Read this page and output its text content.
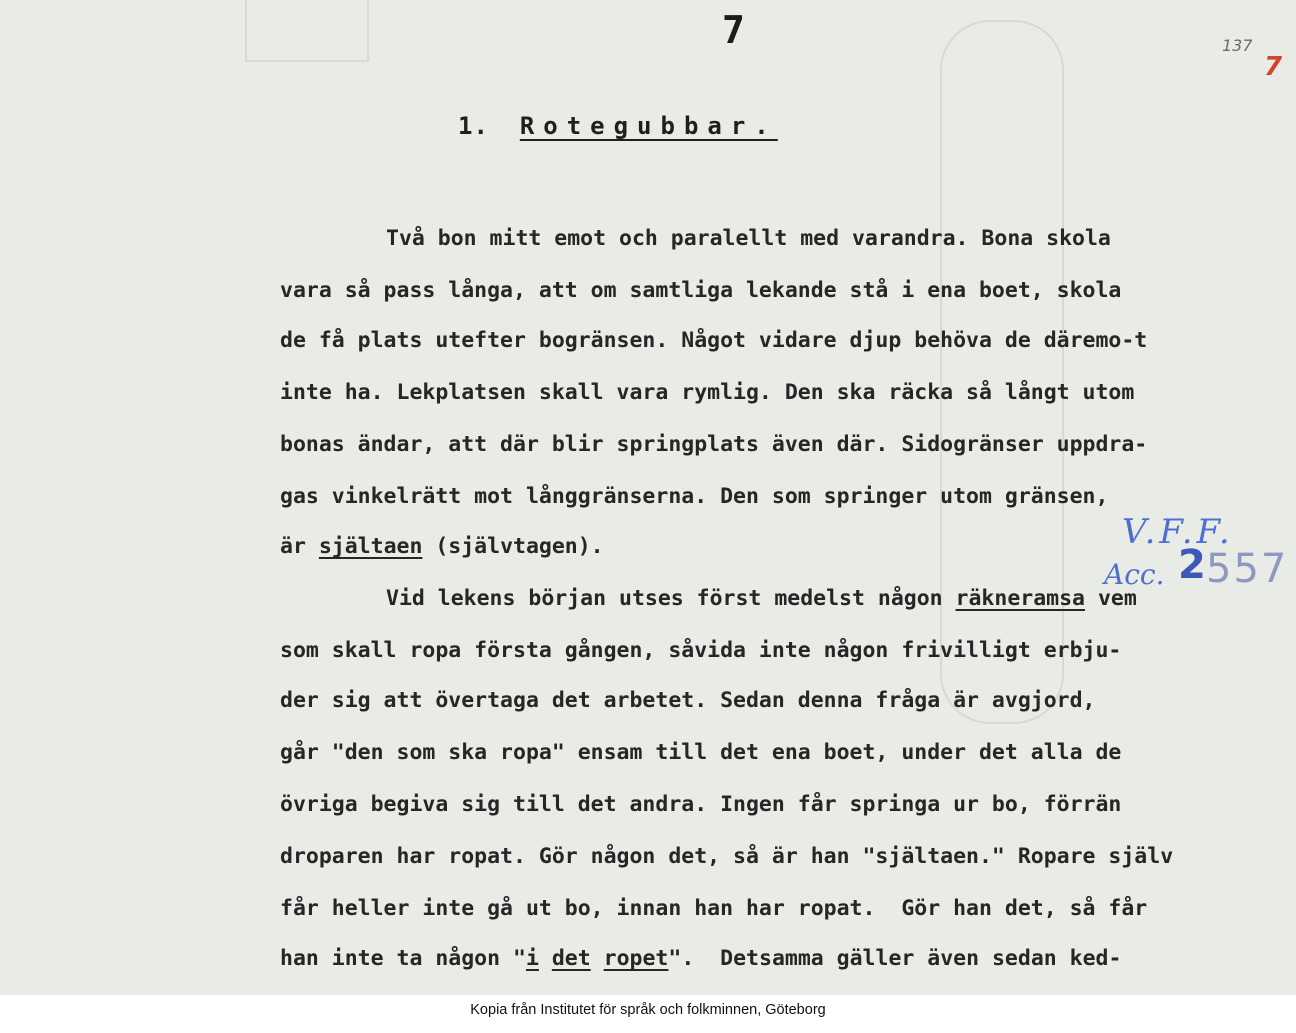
7	137
7
1. Rotegubbar.
Två bon mitt emot och paralellt med varandra. Bona skola
vara så pass långa, att om samtliga lekande stå i ena boet, skola
de få plats utefter bogränsen. Något vidare djup behöva de däremo-t
inte ha. Lekplatsen skall vara rymlig. Den ska räcka så långt utom
bonas ändar, att där blir springplats även där. Sidogränser uppdra-
gas vinkelrätt mot långgränserna. Den som springer utom gränsen,
är själtaen (självtagen).
Vid lekens början utses först medelst någon räkneramsa vem
som skall ropa första gången, såvida inte någon frivilligt erbju-
der sig att övertaga det arbetet. Sedan denna fråga är avgjord,
går "den som ska ropa" ensam till det ena boet, under det alla de
övriga begiva sig till det andra. Ingen får springa ur bo, förrän
droparen har ropat. Gör någon det, så är han "själtaen." Ropare själv
får heller inte gå ut bo, innan han har ropat.  Gör han det, så får
han inte ta någon "i det ropet".  Detsamma gäller även sedan ked-
V.F.F.
Acc. 2 557
Kopia från Institutet för språk och folkminnen, Göteborg
